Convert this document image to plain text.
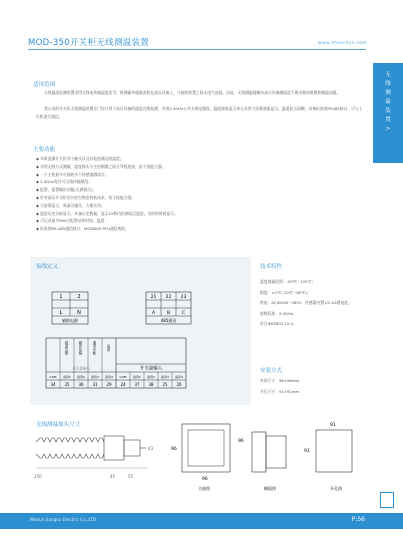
MOD-350开关柜无线测温装置	www.zhenrdun.com
无
线
测
温
装
置
>
适用范围
无线温度检测装置采用无线电传输温度信号，将测量传感器安装在高压设备上，与接收装置之间无电气连接，因此，无线测温能解决高压设备测温度不便采集的难题和测温问题。
我公司的开关柜无线测温装置专门设计用于高压设备的温度在线检测，采用2.4GHz公共无线电频段，温度接收显示单元采用大屏幕液晶显示，温度显示清晰，具备标准的RS485接口，可与上位机进行通信。
主要功能
◆ 实时监测开关柜各个触头以及其他监测点的温度。
◆ 采用无线方式测量，温度探头与主控制器之间无导线连接，抗干扰能力强；
◆ 一个主机最多可接收多个传感器测试点；
◆ 2.4GHz免许可无线传输频段；
◆ 报警、报警输出功能(无源接点)；
◆ 针对高压开关柜设计的生物安装低成本，抗干扰能力强；
◆ 大屏幕显示，界面可操作，方便实用；
◆ 温度历史分析显示，具备历史数据，显示15秒内的测试点温度，实时的时间显示；
◆ 可记录最多999点报警动作时间、温度；
◆ 标准的RS-485通信接口，MODBUS RTU通信规约。
接线定义
1	2
L	N
辅助电源
21 22 23
A	B	C
485通讯
超温告警	硬件故障	通讯中断	备用
开关量输入
开关量输出
COM 备用1 备用2 备用3 备用4 COM 备用1 备用2 备用3 备用4
34 35 36 31 29 24 37 38 25 26
技术特性
温度测量范围：-55℃~125℃；
精度：±1℃(-20℃~80℃)；
供电：AC/DC80~265V，传感器内置1/2 AA锂电池；
射频标准：2.4GHz；
符合IEEE802.15.4。
安装方式
外形尺寸：96×96mm
开孔尺寸：91×91mm
无线测温探头尺寸
250	45	55
43	96
96
主视图
96
侧面图
91
91
开孔图
Medun Jiangsu Electric Co.,LTD	P:56
